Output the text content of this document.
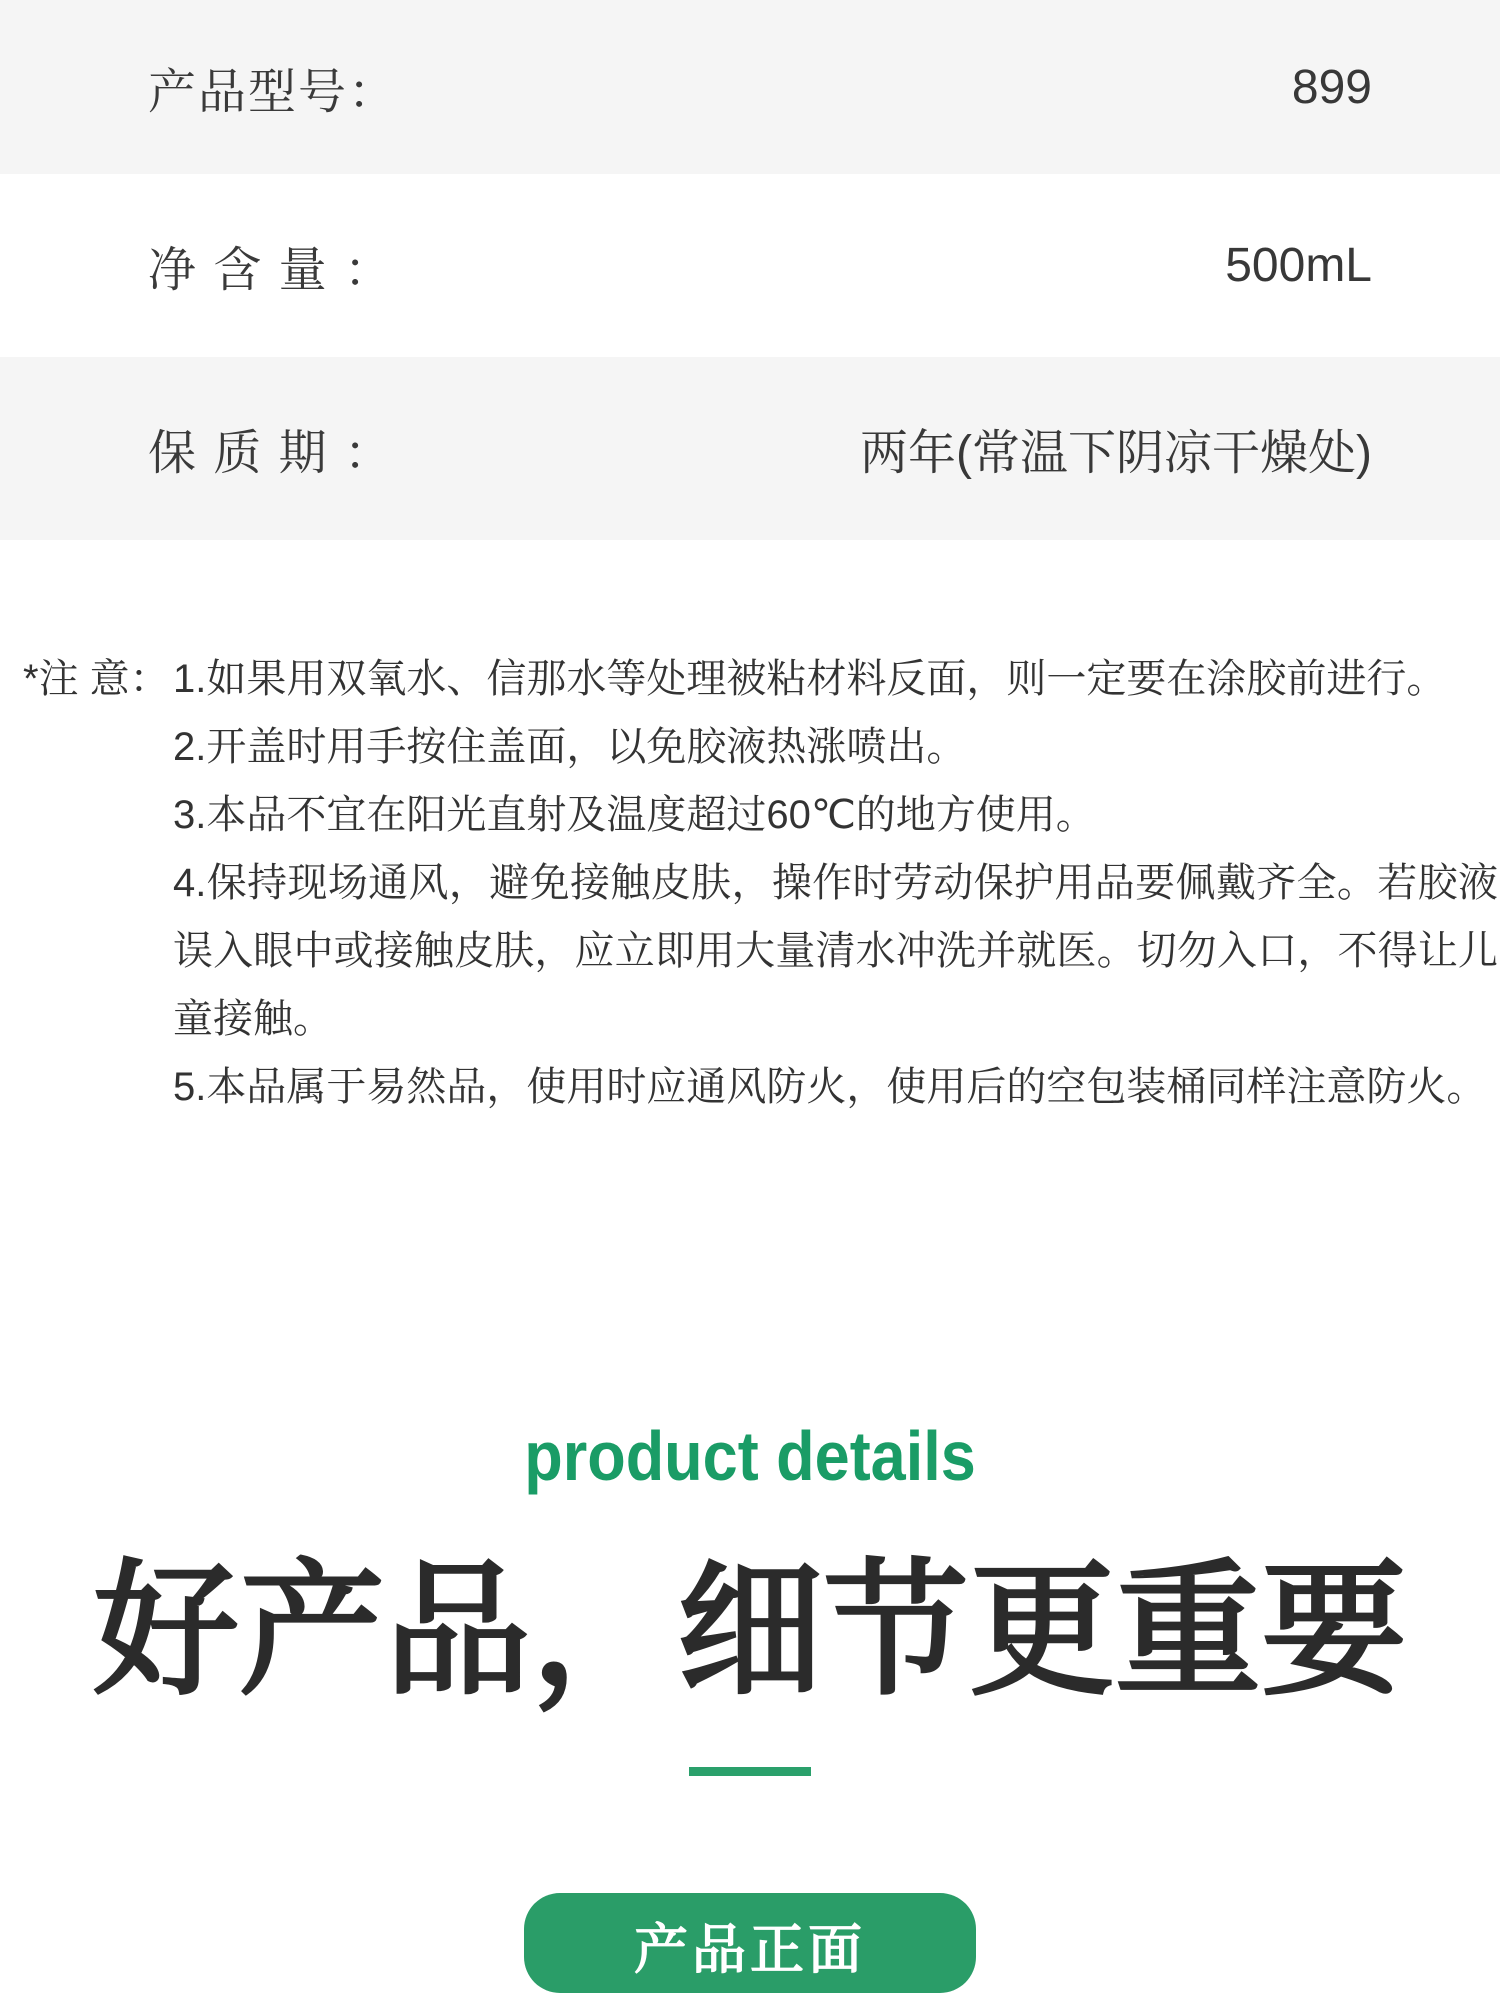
产品型号：	899
净 含 量 ：	500mL
保 质 期 ：	两年(常温下阴凉干燥处)
*注 意： 1.如果用双氧水、信那水等处理被粘材料反面，则一定要在涂胶前进行。

2.开盖时用手按住盖面，以免胶液热涨喷出。

3.本品不宜在阳光直射及温度超过60℃的地方使用。

4.保持现场通风，避免接触皮肤，操作时劳动保护用品要佩戴齐全。若胶液误入眼中或接触皮肤，应立即用大量清水冲洗并就医。切勿入口，不得让儿童接触。

5.本品属于易然品，使用时应通风防火，使用后的空包装桶同样注意防火。

product details
好产品，细节更重要
产品正面
